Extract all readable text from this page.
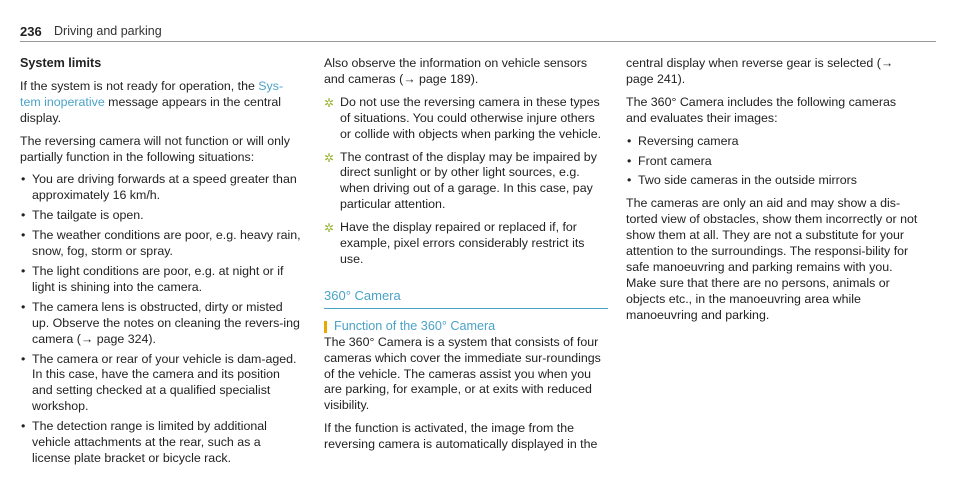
236 Driving and parking

System limits

If the system is not ready for operation, the Sys-tem inoperative message appears in the central display.

The reversing camera will not function or will only partially function in the following situations:

• You are driving forwards at a speed greater than approximately 16 km/h.
• The tailgate is open.
• The weather conditions are poor, e.g. heavy rain, snow, fog, storm or spray.
• The light conditions are poor, e.g. at night or if light is shining into the camera.
• The camera lens is obstructed, dirty or misted up. Observe the notes on cleaning the revers-ing camera (→ page 324).
• The camera or rear of your vehicle is dam-aged. In this case, have the camera and its position and setting checked at a qualified specialist workshop.
• The detection range is limited by additional vehicle attachments at the rear, such as a license plate bracket or bicycle rack.

Also observe the information on vehicle sensors and cameras (→ page 189).

✲ Do not use the reversing camera in these types of situations. You could otherwise injure others or collide with objects when parking the vehicle.
✲ The contrast of the display may be impaired by direct sunlight or by other light sources, e.g. when driving out of a garage. In this case, pay particular attention.
✲ Have the display repaired or replaced if, for example, pixel errors considerably restrict its use.
360° Camera
Function of the 360° Camera

The 360° Camera is a system that consists of four cameras which cover the immediate sur-roundings of the vehicle. The cameras assist you when you are parking, for example, or at exits with reduced visibility.

If the function is activated, the image from the reversing camera is automatically displayed in the

central display when reverse gear is selected (→ page 241).

The 360° Camera includes the following cameras and evaluates their images:

• Reversing camera
• Front camera
• Two side cameras in the outside mirrors

The cameras are only an aid and may show a dis-torted view of obstacles, show them incorrectly or not show them at all. They are not a substitute for your attention to the surroundings. The responsi-bility for safe manoeuvring and parking remains with you. Make sure that there are no persons, animals or objects etc., in the manoeuvring area while manoeuvring and parking.
